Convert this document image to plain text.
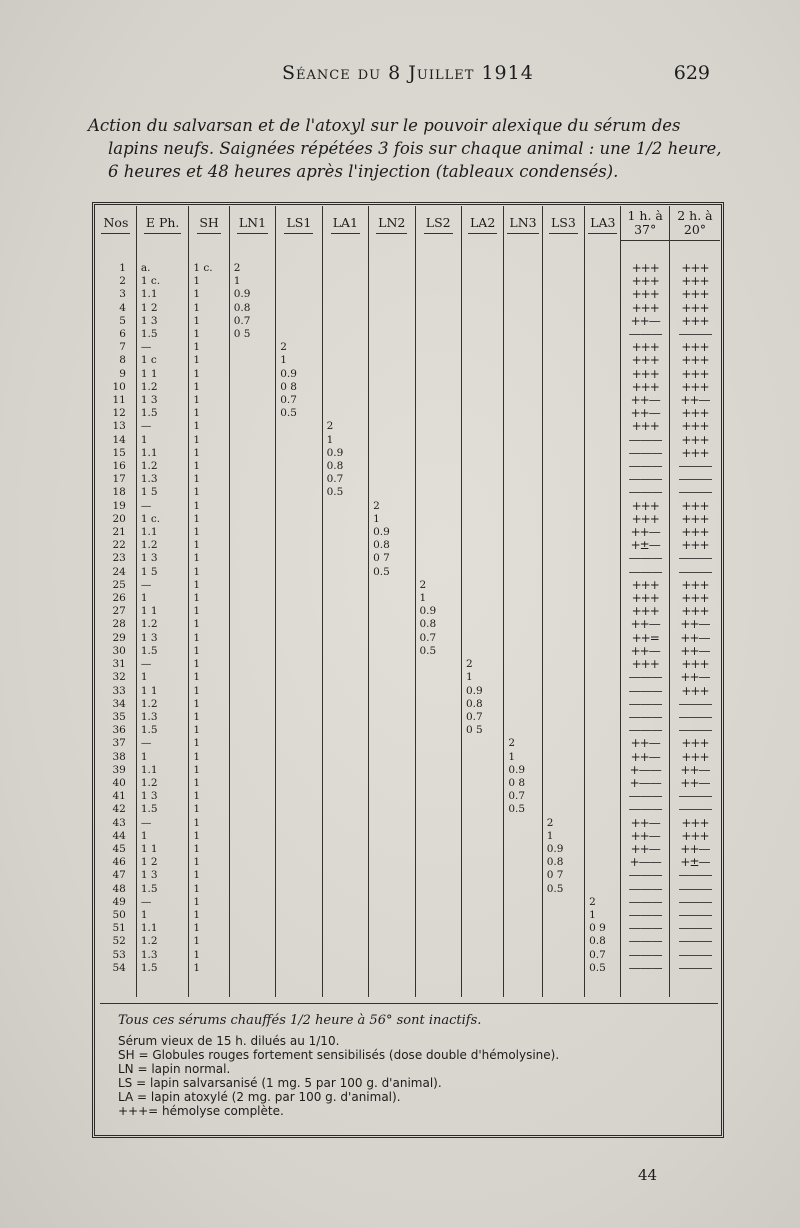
Séance du 8 Juillet 1914	629
Action du salvarsan et de l'atoxyl sur le pouvoir alexique du sérum des
lapins neufs. Saignées répétées 3 fois sur chaque animal : une 1/2 heure,
6 heures et 48 heures après l'injection (tableaux condensés).
Nos	E Ph.	SH	LN1	LS1	LA1	LN2	LS2	LA2	LN3	LS3	LA3	1 h. à 37°	2 h. à 20°

1	a.	1 c.	2									+++	+++
2	1 c.	1	1									+++	+++
3	1.1	1	0.9									+++	+++
4	1 2	1	0.8									+++	+++
5	1 3	1	0.7									++—	+++
6	1.5	1	0 5									———	———
7	—	1		2								+++	+++
8	1 c	1		1								+++	+++
9	1 1	1		0.9								+++	+++
10	1.2	1		0 8								+++	+++
11	1 3	1		0.7								++—	++—
12	1.5	1		0.5								++—	+++
13	—	1			2							+++	+++
14	1	1			1							———	+++
15	1.1	1			0.9							———	+++
16	1.2	1			0.8							———	———
17	1.3	1			0.7							———	———
18	1 5	1			0.5							———	———
19	—	1				2						+++	+++
20	1 c.	1				1						+++	+++
21	1.1	1				0.9						++—	+++
22	1.2	1				0.8						+±—	+++
23	1 3	1				0 7						———	———
24	1 5	1				0.5						———	———
25	—	1					2					+++	+++
26	1	1					1					+++	+++
27	1 1	1					0.9					+++	+++
28	1.2	1					0.8					++—	++—
29	1 3	1					0.7					++=	++—
30	1.5	1					0.5					++—	++—
31	—	1						2				+++	+++
32	1	1						1				———	++—
33	1 1	1						0.9				———	+++
34	1.2	1						0.8				———	———
35	1.3	1						0.7				———	———
36	1.5	1						0 5				———	———
37	—	1							2			++—	+++
38	1	1							1			++—	+++
39	1.1	1							0.9			+——	++—
40	1.2	1							0 8			+——	++—
41	1 3	1							0.7			———	———
42	1.5	1							0.5			———	———
43	—	1								2		++—	+++
44	1	1								1		++—	+++
45	1 1	1								0.9		++—	++—
46	1 2	1								0.8		+——	+±—
47	1 3	1								0 7		———	———
48	1.5	1								0.5		———	———
49	—	1									2	———	———
50	1	1									1	———	———
51	1.1	1									0 9	———	———
52	1.2	1									0.8	———	———
53	1.3	1									0.7	———	———
54	1.5	1									0.5	———	———

Tous ces sérums chauffés 1/2 heure à 56° sont inactifs.
Sérum vieux de 15 h. dilués au 1/10.
SH = Globules rouges fortement sensibilisés (dose double d'hémolysine).
LN = lapin normal.
LS = lapin salvarsanisé (1 mg. 5 par 100 g. d'animal).
LA = lapin atoxylé (2 mg. par 100 g. d'animal).
+++= hémolyse complète.
44
